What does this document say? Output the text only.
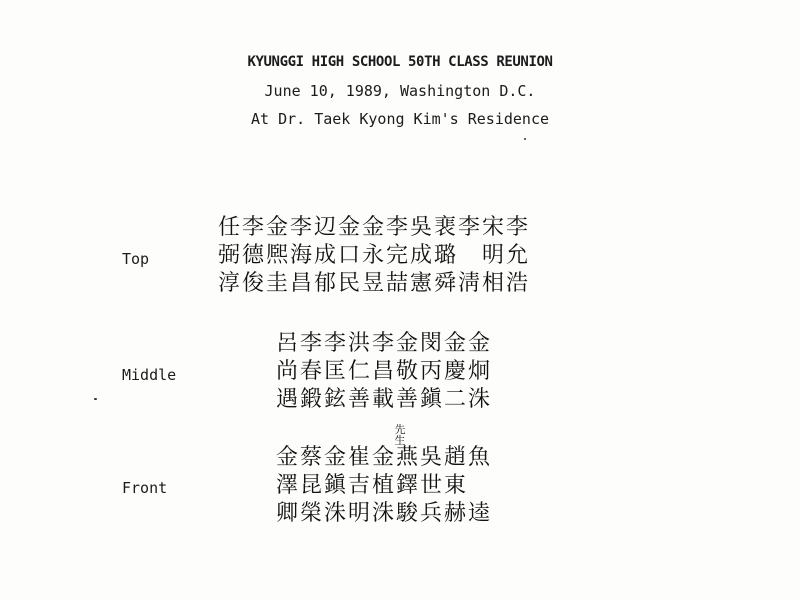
KYUNGGI HIGH SCHOOL 50TH CLASS REUNION
June 10, 1989, Washington D.C.
At Dr. Taek Kyong Kim's Residence
Top
任李金李辺金金李吳裵李宋李
弼德熈海成口永完成璐　明允
淳俊圭昌郁民昱喆憲舜淸相浩
Middle
呂李李洪李金閔金金
尚春匡仁昌敬丙慶炯
遇鍛鉉善載善鎭二洙
先生
Front
金蔡金崔金燕吳趙魚
澤昆鎭吉植鐸世東
卿榮洙明洙駿兵赫逵
